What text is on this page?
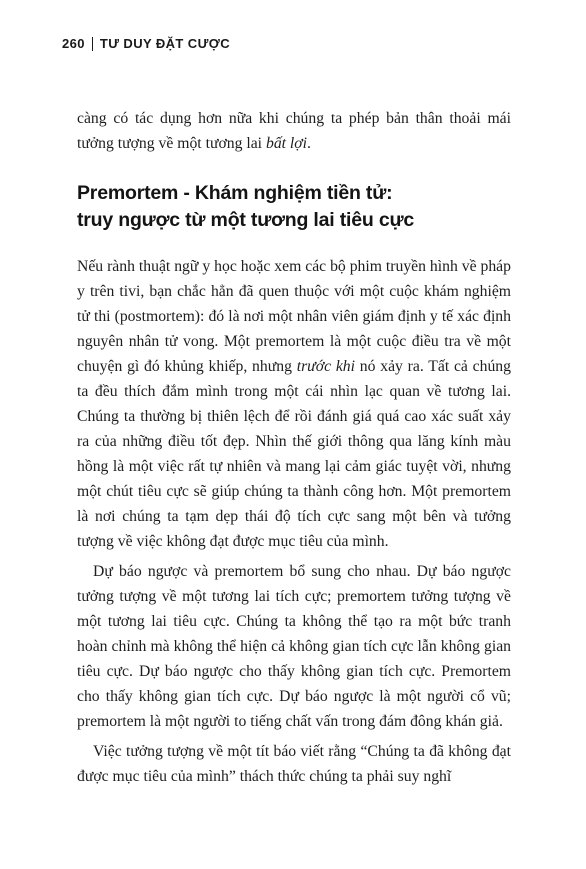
260 TƯ DUY ĐẶT CƯỢC

càng có tác dụng hơn nữa khi chúng ta phép bản thân thoải mái tưởng tượng về một tương lai bất lợi.

Premortem - Khám nghiệm tiền tử:
truy ngược từ một tương lai tiêu cực

Nếu rành thuật ngữ y học hoặc xem các bộ phim truyền hình về pháp y trên tivi, bạn chắc hẳn đã quen thuộc với một cuộc khám nghiệm tử thi (postmortem): đó là nơi một nhân viên giám định y tế xác định nguyên nhân tử vong. Một premortem là một cuộc điều tra về một chuyện gì đó khủng khiếp, nhưng trước khi nó xảy ra. Tất cả chúng ta đều thích đắm mình trong một cái nhìn lạc quan về tương lai. Chúng ta thường bị thiên lệch để rồi đánh giá quá cao xác suất xảy ra của những điều tốt đẹp. Nhìn thế giới thông qua lăng kính màu hồng là một việc rất tự nhiên và mang lại cảm giác tuyệt vời, nhưng một chút tiêu cực sẽ giúp chúng ta thành công hơn. Một premortem là nơi chúng ta tạm dẹp thái độ tích cực sang một bên và tưởng tượng về việc không đạt được mục tiêu của mình.

Dự báo ngược và premortem bổ sung cho nhau. Dự báo ngược tưởng tượng về một tương lai tích cực; premortem tưởng tượng về một tương lai tiêu cực. Chúng ta không thể tạo ra một bức tranh hoàn chỉnh mà không thể hiện cả không gian tích cực lẫn không gian tiêu cực. Dự báo ngược cho thấy không gian tích cực. Premortem cho thấy không gian tích cực. Dự báo ngược là một người cổ vũ; premortem là một người to tiếng chất vấn trong đám đông khán giả.

Việc tưởng tượng về một tít báo viết rằng “Chúng ta đã không đạt được mục tiêu của mình” thách thức chúng ta phải suy nghĩ
